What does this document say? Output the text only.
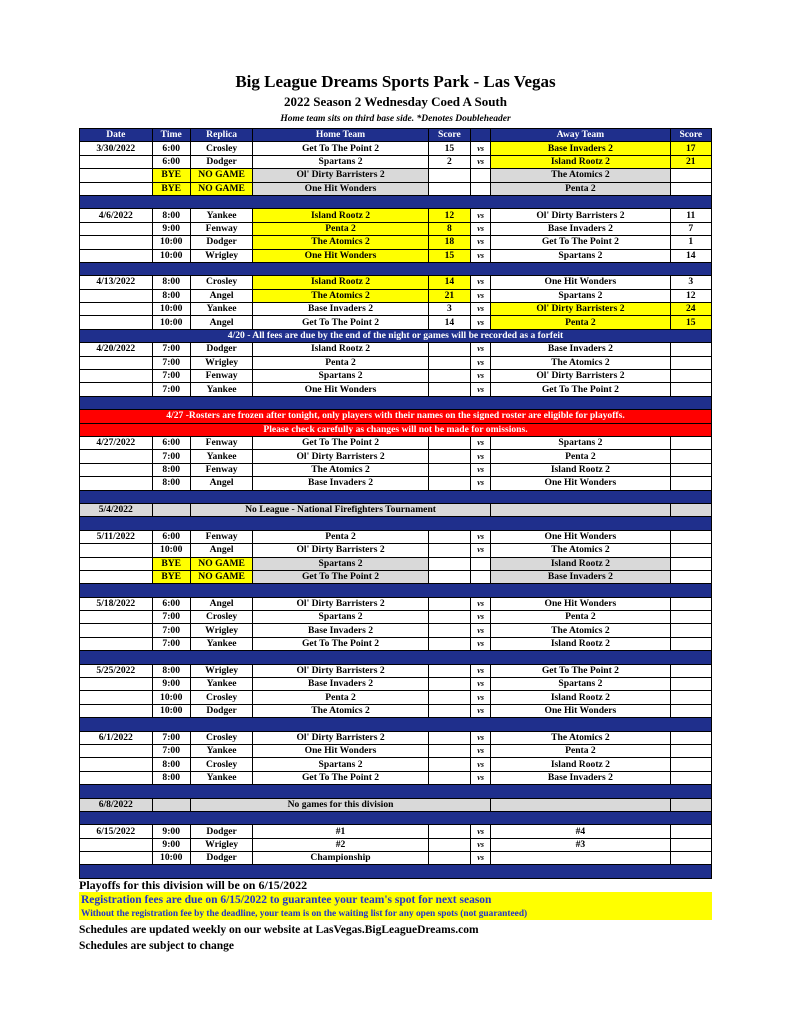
Big League Dreams Sports Park - Las Vegas
2022 Season 2 Wednesday Coed A South
Home team sits on third base side. *Denotes Doubleheader
Date	Time	Replica	Home Team	Score		Away Team	Score
3/30/2022	6:00	Crosley	Get To The Point 2	15	vs	Base Invaders 2	17
	6:00	Dodger	Spartans 2	2	vs	Island Rootz 2	21
	BYE	NO GAME	Ol' Dirty Barristers 2			The Atomics 2	
	BYE	NO GAME	One Hit Wonders			Penta 2	

4/6/2022	8:00	Yankee	Island Rootz 2	12	vs	Ol' Dirty Barristers 2	11
	9:00	Fenway	Penta 2	8	vs	Base Invaders 2	7
	10:00	Dodger	The Atomics 2	18	vs	Get To The Point 2	1
	10:00	Wrigley	One Hit Wonders	15	vs	Spartans 2	14

4/13/2022	8:00	Crosley	Island Rootz 2	14	vs	One Hit Wonders	3
	8:00	Angel	The Atomics 2	21	vs	Spartans 2	12
	10:00	Yankee	Base Invaders 2	3	vs	Ol' Dirty Barristers 2	24
	10:00	Angel	Get To The Point 2	14	vs	Penta 2	15
4/20 - All fees are due by the end of the night or games will be recorded as a forfeit							
4/20/2022	7:00	Dodger	Island Rootz 2		vs	Base Invaders 2	
	7:00	Wrigley	Penta 2		vs	The Atomics 2	
	7:00	Fenway	Spartans 2		vs	Ol' Dirty Barristers 2	
	7:00	Yankee	One Hit Wonders		vs	Get To The Point 2	

4/27 -Rosters are frozen after tonight, only players with their names on the signed roster are eligible for playoffs.							
Please check carefully as changes will not be made for omissions.							
4/27/2022	6:00	Fenway	Get To The Point 2		vs	Spartans 2	
	7:00	Yankee	Ol' Dirty Barristers 2		vs	Penta 2	
	8:00	Fenway	The Atomics 2		vs	Island Rootz 2	
	8:00	Angel	Base Invaders 2		vs	One Hit Wonders	

5/4/2022		No League - National Firefighters Tournament					

5/11/2022	6:00	Fenway	Penta 2		vs	One Hit Wonders	
	10:00	Angel	Ol' Dirty Barristers 2		vs	The Atomics 2	
	BYE	NO GAME	Spartans 2			Island Rootz 2	
	BYE	NO GAME	Get To The Point 2			Base Invaders 2	

5/18/2022	6:00	Angel	Ol' Dirty Barristers 2		vs	One Hit Wonders	
	7:00	Crosley	Spartans 2		vs	Penta 2	
	7:00	Wrigley	Base Invaders 2		vs	The Atomics 2	
	7:00	Yankee	Get To The Point 2		vs	Island Rootz 2	

5/25/2022	8:00	Wrigley	Ol' Dirty Barristers 2		vs	Get To The Point 2	
	9:00	Yankee	Base Invaders 2		vs	Spartans 2	
	10:00	Crosley	Penta 2		vs	Island Rootz 2	
	10:00	Dodger	The Atomics 2		vs	One Hit Wonders	

6/1/2022	7:00	Crosley	Ol' Dirty Barristers 2		vs	The Atomics 2	
	7:00	Yankee	One Hit Wonders		vs	Penta 2	
	8:00	Crosley	Spartans 2		vs	Island Rootz 2	
	8:00	Yankee	Get To The Point 2		vs	Base Invaders 2	

6/8/2022		No games for this division					

6/15/2022	9:00	Dodger	#1		vs	#4	
	9:00	Wrigley	#2		vs	#3	
	10:00	Dodger	Championship		vs		

Playoffs for this division will be on 6/15/2022
Registration fees are due on 6/15/2022 to guarantee your team's spot for next season
Without the registration fee by the deadline, your team is on the waiting list for any open spots (not guaranteed)
Schedules are updated weekly on our website at LasVegas.BigLeagueDreams.com
Schedules are subject to change
